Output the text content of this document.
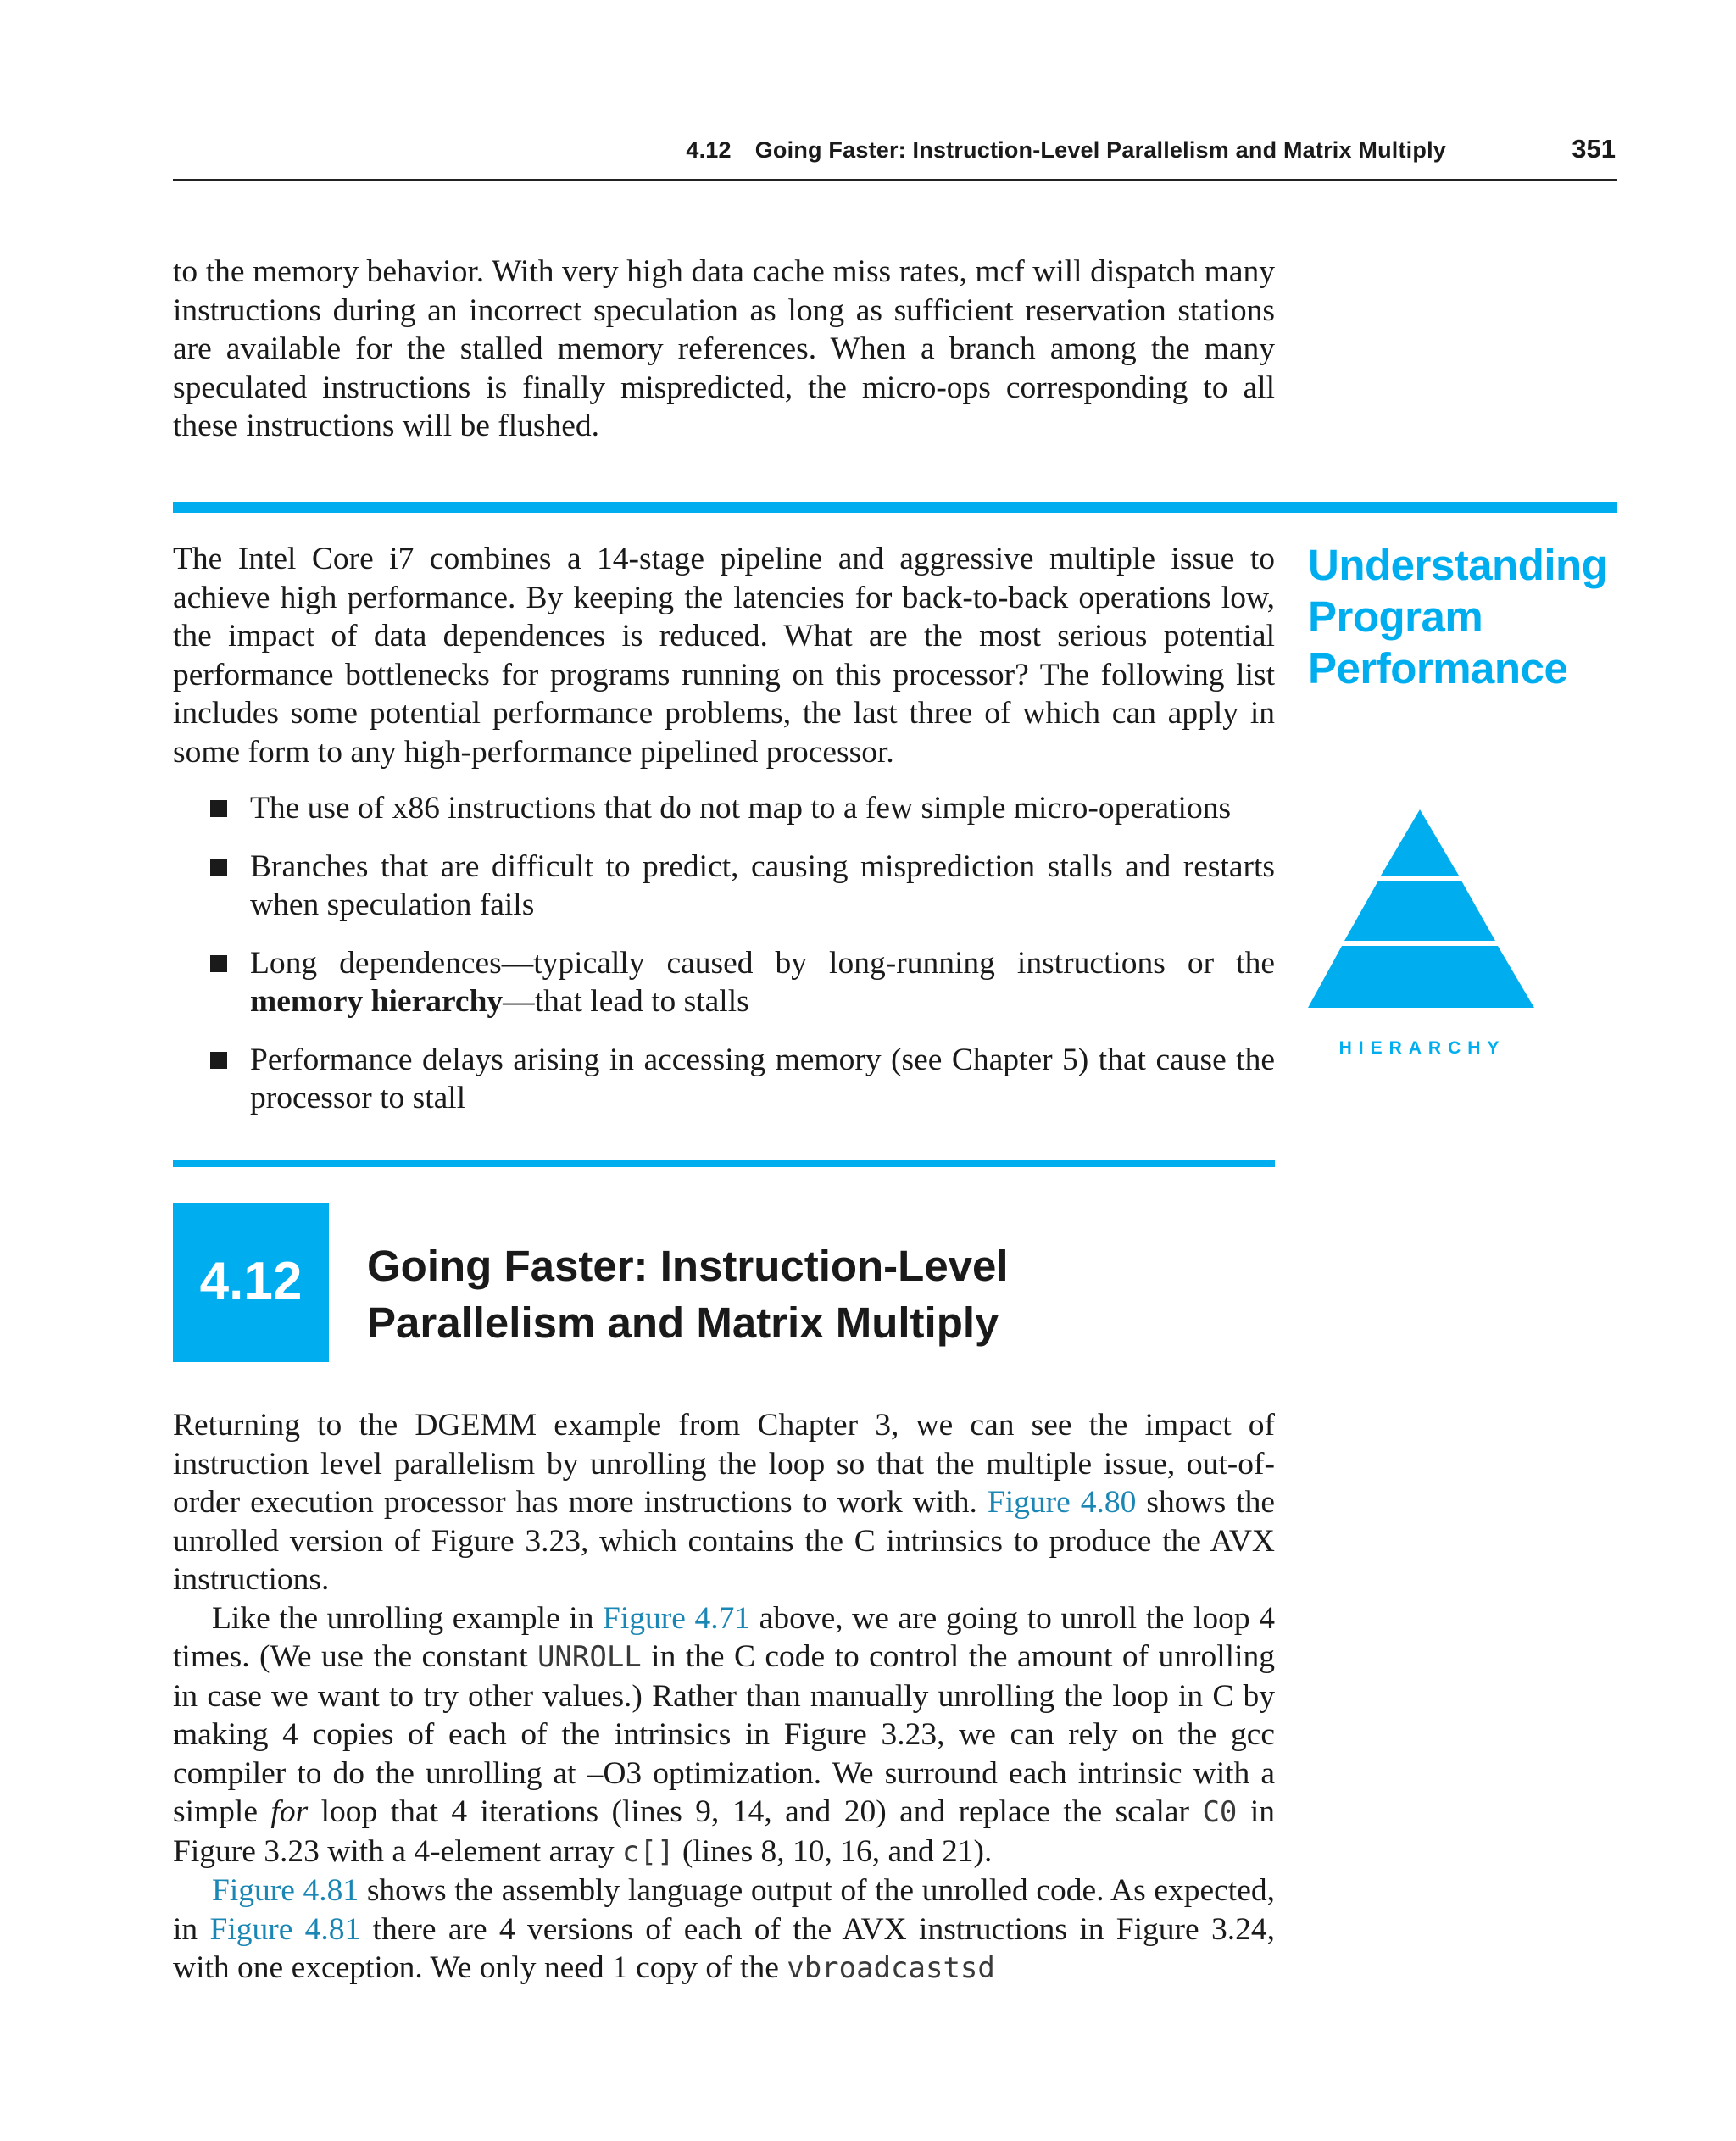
4.12 Going Faster: Instruction-Level Parallelism and Matrix Multiply	351

to the memory behavior. With very high data cache miss rates, mcf will dispatch many instructions during an incorrect speculation as long as sufficient reservation stations are available for the stalled memory references. When a branch among the many speculated instructions is finally mispredicted, the micro-ops corresponding to all these instructions will be flushed.

The Intel Core i7 combines a 14-stage pipeline and aggressive multiple issue to achieve high performance. By keeping the latencies for back-to-back operations low, the impact of data dependences is reduced. What are the most serious potential performance bottlenecks for programs running on this processor? The following list includes some potential performance problems, the last three of which can apply in some form to any high-performance pipelined processor.

The use of x86 instructions that do not map to a few simple micro-operations
Branches that are difficult to predict, causing misprediction stalls and restarts when speculation fails
Long dependences—typically caused by long-running instructions or the memory hierarchy—that lead to stalls
Performance delays arising in accessing memory (see Chapter 5) that cause the processor to stall
Understanding Program Performance
HIERARCHY
4.12	Going Faster: Instruction-Level
Parallelism and Matrix Multiply

Returning to the DGEMM example from Chapter 3, we can see the impact of instruction level parallelism by unrolling the loop so that the multiple issue, out-of-order execution processor has more instructions to work with. Figure 4.80 shows the unrolled version of Figure 3.23, which contains the C intrinsics to produce the AVX instructions.

Like the unrolling example in Figure 4.71 above, we are going to unroll the loop 4 times. (We use the constant UNROLL in the C code to control the amount of unrolling in case we want to try other values.) Rather than manually unrolling the loop in C by making 4 copies of each of the intrinsics in Figure 3.23, we can rely on the gcc compiler to do the unrolling at –O3 optimization. We surround each intrinsic with a simple for loop that 4 iterations (lines 9, 14, and 20) and replace the scalar C0 in Figure 3.23 with a 4-element array c[] (lines 8, 10, 16, and 21).

Figure 4.81 shows the assembly language output of the unrolled code. As expected, in Figure 4.81 there are 4 versions of each of the AVX instructions in Figure 3.24, with one exception. We only need 1 copy of the vbroadcastsd
